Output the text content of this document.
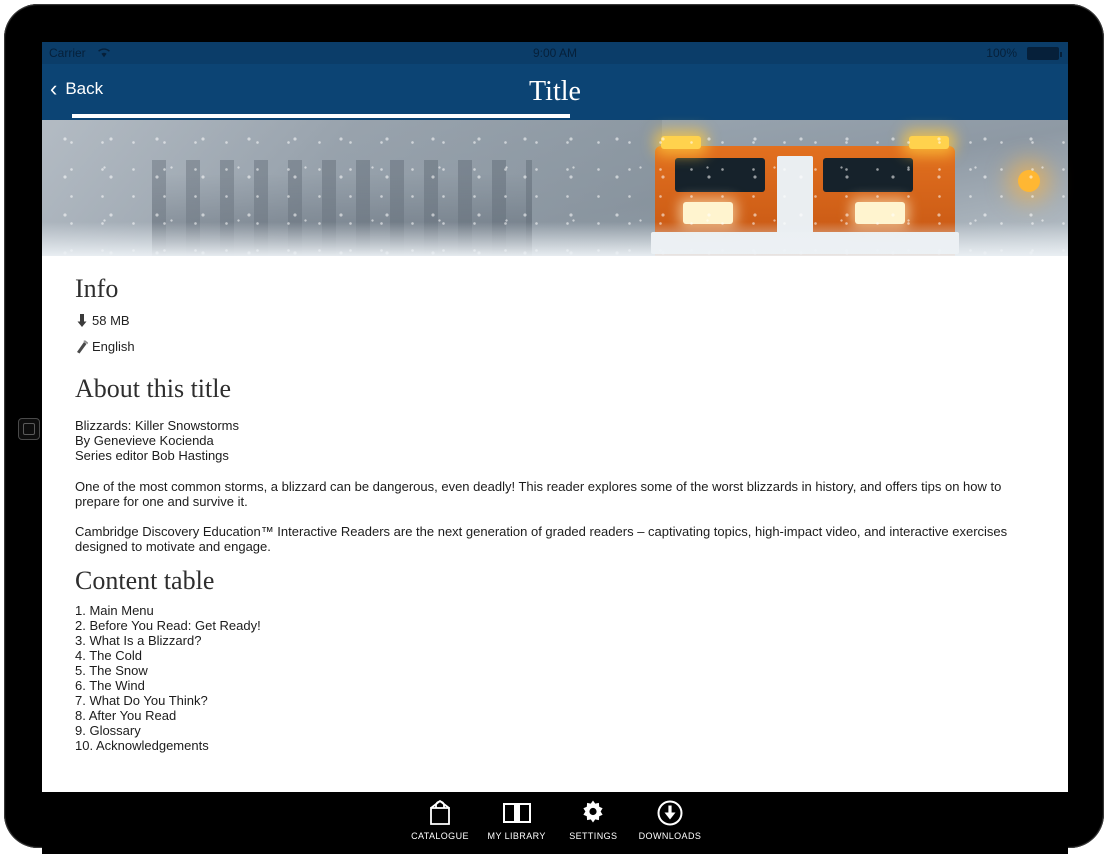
Carrier	9:00 AM	100%
‹ Back	Title
Info
58 MB
English
About this title
Blizzards: Killer Snowstorms
By Genevieve Kocienda
Series editor Bob Hastings
One of the most common storms, a blizzard can be dangerous, even deadly! This reader explores some of the worst blizzards in history, and offers tips on how to prepare for one and survive it.
Cambridge Discovery Education™ Interactive Readers are the next generation of graded readers – captivating topics, high-impact video, and interactive exercises designed to motivate and engage.
Content table
1. Main Menu
2. Before You Read: Get Ready!
3. What Is a Blizzard?
4. The Cold
5. The Snow
6. The Wind
7. What Do You Think?
8. After You Read
9. Glossary
10. Acknowledgements
CATALOGUE	MY LIBRARY	SETTINGS	DOWNLOADS
